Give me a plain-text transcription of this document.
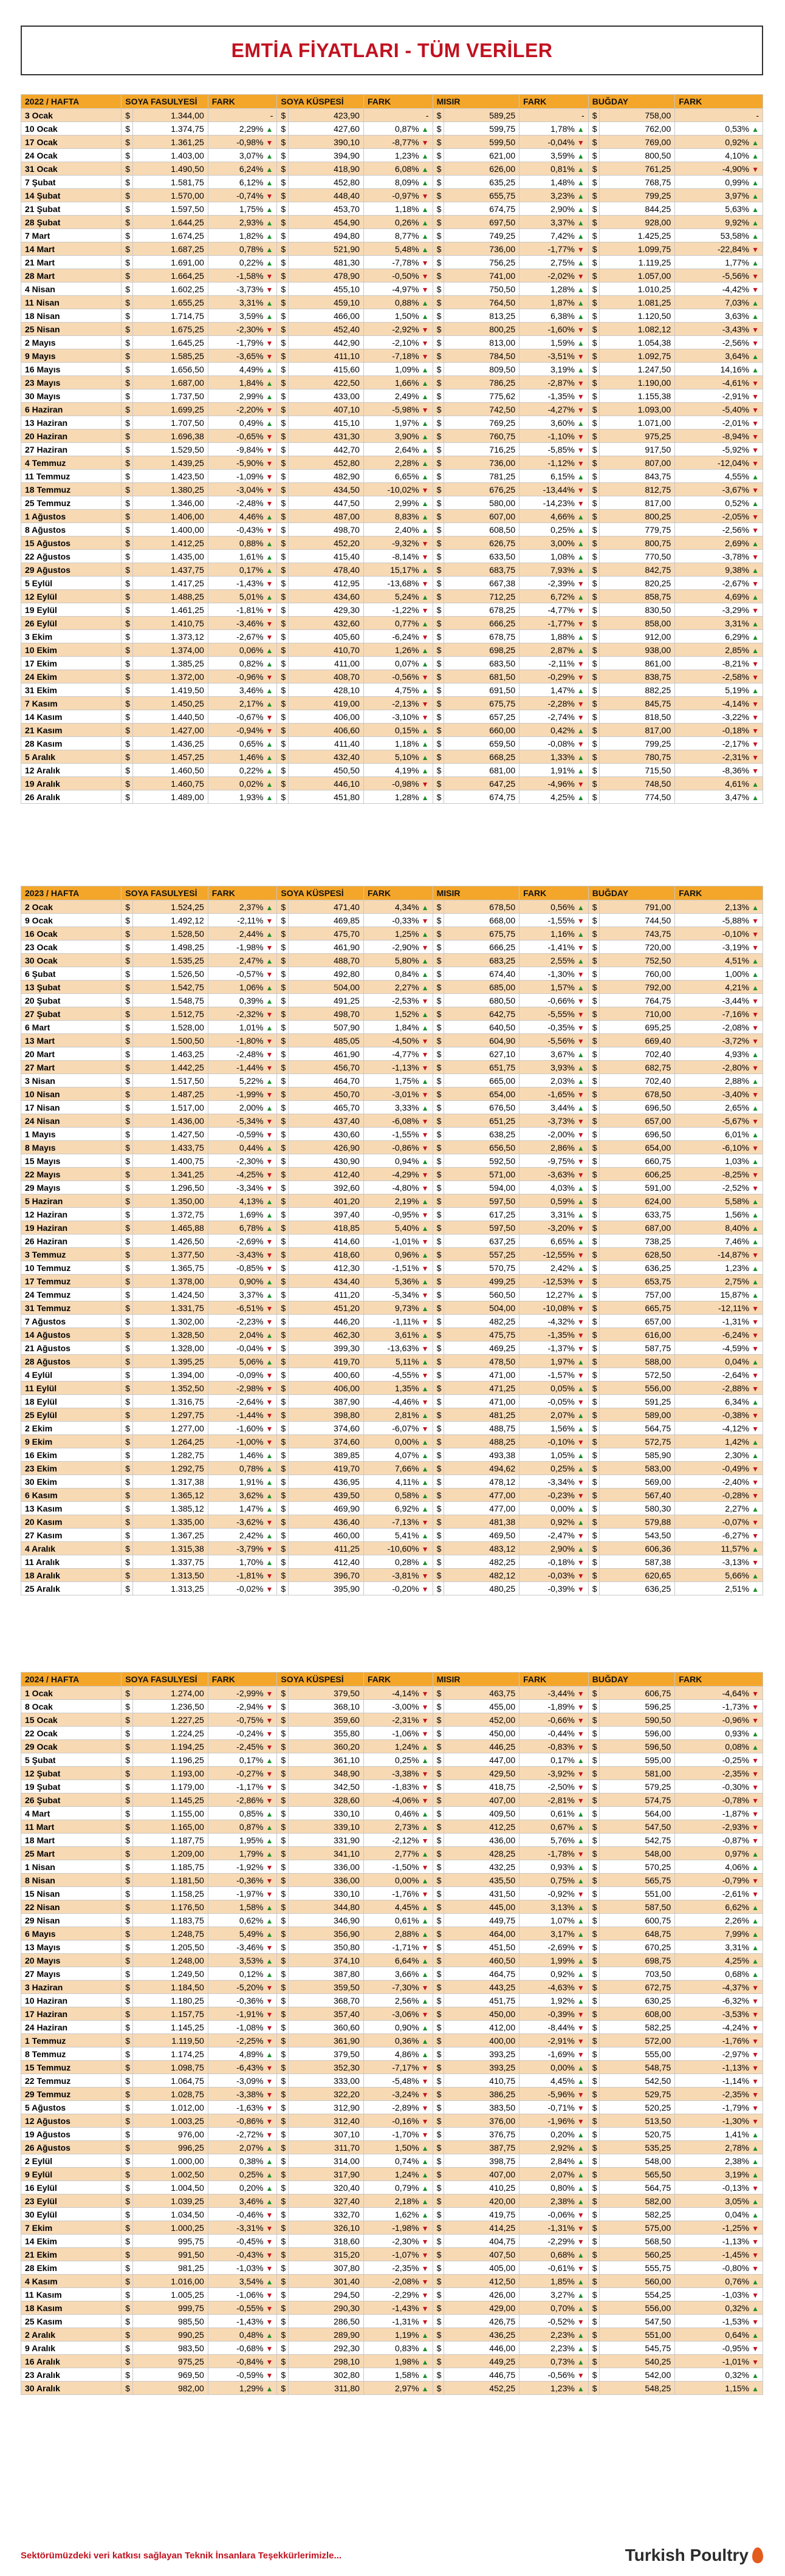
EMTİA FİYATLARI - TÜM VERİLER
2022 / HAFTA	SOYA FASULYESİ		FARK	SOYA KÜSPESİ		FARK	MISIR		FARK	BUĞDAY		FARK
3 Ocak	$	1.344,00	-	$	423,90	-	$	589,25	-	$	758,00	-
10 Ocak	$	1.374,75	2,29% ▲	$	427,60	0,87% ▲	$	599,75	1,78% ▲	$	762,00	0,53% ▲
17 Ocak	$	1.361,25	-0,98% ▼	$	390,10	-8,77% ▼	$	599,50	-0,04% ▼	$	769,00	0,92% ▲
24 Ocak	$	1.403,00	3,07% ▲	$	394,90	1,23% ▲	$	621,00	3,59% ▲	$	800,50	4,10% ▲
31 Ocak	$	1.490,50	6,24% ▲	$	418,90	6,08% ▲	$	626,00	0,81% ▲	$	761,25	-4,90% ▼
7 Şubat	$	1.581,75	6,12% ▲	$	452,80	8,09% ▲	$	635,25	1,48% ▲	$	768,75	0,99% ▲
14 Şubat	$	1.570,00	-0,74% ▼	$	448,40	-0,97% ▼	$	655,75	3,23% ▲	$	799,25	3,97% ▲
21 Şubat	$	1.597,50	1,75% ▲	$	453,70	1,18% ▲	$	674,75	2,90% ▲	$	844,25	5,63% ▲
28 Şubat	$	1.644,25	2,93% ▲	$	454,90	0,26% ▲	$	697,50	3,37% ▲	$	928,00	9,92% ▲
7 Mart	$	1.674,25	1,82% ▲	$	494,80	8,77% ▲	$	749,25	7,42% ▲	$	1.425,25	53,58% ▲
14 Mart	$	1.687,25	0,78% ▲	$	521,90	5,48% ▲	$	736,00	-1,77% ▼	$	1.099,75	-22,84% ▼
21 Mart	$	1.691,00	0,22% ▲	$	481,30	-7,78% ▼	$	756,25	2,75% ▲	$	1.119,25	1,77% ▲
28 Mart	$	1.664,25	-1,58% ▼	$	478,90	-0,50% ▼	$	741,00	-2,02% ▼	$	1.057,00	-5,56% ▼
4 Nisan	$	1.602,25	-3,73% ▼	$	455,10	-4,97% ▼	$	750,50	1,28% ▲	$	1.010,25	-4,42% ▼
11 Nisan	$	1.655,25	3,31% ▲	$	459,10	0,88% ▲	$	764,50	1,87% ▲	$	1.081,25	7,03% ▲
18 Nisan	$	1.714,75	3,59% ▲	$	466,00	1,50% ▲	$	813,25	6,38% ▲	$	1.120,50	3,63% ▲
25 Nisan	$	1.675,25	-2,30% ▼	$	452,40	-2,92% ▼	$	800,25	-1,60% ▼	$	1.082,12	-3,43% ▼
2 Mayıs	$	1.645,25	-1,79% ▼	$	442,90	-2,10% ▼	$	813,00	1,59% ▲	$	1.054,38	-2,56% ▼
9 Mayıs	$	1.585,25	-3,65% ▼	$	411,10	-7,18% ▼	$	784,50	-3,51% ▼	$	1.092,75	3,64% ▲
16 Mayıs	$	1.656,50	4,49% ▲	$	415,60	1,09% ▲	$	809,50	3,19% ▲	$	1.247,50	14,16% ▲
23 Mayıs	$	1.687,00	1,84% ▲	$	422,50	1,66% ▲	$	786,25	-2,87% ▼	$	1.190,00	-4,61% ▼
30 Mayıs	$	1.737,50	2,99% ▲	$	433,00	2,49% ▲	$	775,62	-1,35% ▼	$	1.155,38	-2,91% ▼
6 Haziran	$	1.699,25	-2,20% ▼	$	407,10	-5,98% ▼	$	742,50	-4,27% ▼	$	1.093,00	-5,40% ▼
13 Haziran	$	1.707,50	0,49% ▲	$	415,10	1,97% ▲	$	769,25	3,60% ▲	$	1.071,00	-2,01% ▼
20 Haziran	$	1.696,38	-0,65% ▼	$	431,30	3,90% ▲	$	760,75	-1,10% ▼	$	975,25	-8,94% ▼
27 Haziran	$	1.529,50	-9,84% ▼	$	442,70	2,64% ▲	$	716,25	-5,85% ▼	$	917,50	-5,92% ▼
4 Temmuz	$	1.439,25	-5,90% ▼	$	452,80	2,28% ▲	$	736,00	-1,12% ▼	$	807,00	-12,04% ▼
11 Temmuz	$	1.423,50	-1,09% ▼	$	482,90	6,65% ▲	$	781,25	6,15% ▲	$	843,75	4,55% ▲
18 Temmuz	$	1.380,25	-3,04% ▼	$	434,50	-10,02% ▼	$	676,25	-13,44% ▼	$	812,75	-3,67% ▼
25 Temmuz	$	1.346,00	-2,48% ▼	$	447,50	2,99% ▲	$	580,00	-14,23% ▼	$	817,00	0,52% ▲
1 Ağustos	$	1.406,00	4,46% ▲	$	487,00	8,83% ▲	$	607,00	4,66% ▲	$	800,25	-2,05% ▼
8 Ağustos	$	1.400,00	-0,43% ▼	$	498,70	2,40% ▲	$	608,50	0,25% ▲	$	779,75	-2,56% ▼
15 Ağustos	$	1.412,25	0,88% ▲	$	452,20	-9,32% ▼	$	626,75	3,00% ▲	$	800,75	2,69% ▲
22 Ağustos	$	1.435,00	1,61% ▲	$	415,40	-8,14% ▼	$	633,50	1,08% ▲	$	770,50	-3,78% ▼
29 Ağustos	$	1.437,75	0,17% ▲	$	478,40	15,17% ▲	$	683,75	7,93% ▲	$	842,75	9,38% ▲
5 Eylül	$	1.417,25	-1,43% ▼	$	412,95	-13,68% ▼	$	667,38	-2,39% ▼	$	820,25	-2,67% ▼
12 Eylül	$	1.488,25	5,01% ▲	$	434,60	5,24% ▲	$	712,25	6,72% ▲	$	858,75	4,69% ▲
19 Eylül	$	1.461,25	-1,81% ▼	$	429,30	-1,22% ▼	$	678,25	-4,77% ▼	$	830,50	-3,29% ▼
26 Eylül	$	1.410,75	-3,46% ▼	$	432,60	0,77% ▲	$	666,25	-1,77% ▼	$	858,00	3,31% ▲
3 Ekim	$	1.373,12	-2,67% ▼	$	405,60	-6,24% ▼	$	678,75	1,88% ▲	$	912,00	6,29% ▲
10 Ekim	$	1.374,00	0,06% ▲	$	410,70	1,26% ▲	$	698,25	2,87% ▲	$	938,00	2,85% ▲
17 Ekim	$	1.385,25	0,82% ▲	$	411,00	0,07% ▲	$	683,50	-2,11% ▼	$	861,00	-8,21% ▼
24 Ekim	$	1.372,00	-0,96% ▼	$	408,70	-0,56% ▼	$	681,50	-0,29% ▼	$	838,75	-2,58% ▼
31 Ekim	$	1.419,50	3,46% ▲	$	428,10	4,75% ▲	$	691,50	1,47% ▲	$	882,25	5,19% ▲
7 Kasım	$	1.450,25	2,17% ▲	$	419,00	-2,13% ▼	$	675,75	-2,28% ▼	$	845,75	-4,14% ▼
14 Kasım	$	1.440,50	-0,67% ▼	$	406,00	-3,10% ▼	$	657,25	-2,74% ▼	$	818,50	-3,22% ▼
21 Kasım	$	1.427,00	-0,94% ▼	$	406,60	0,15% ▲	$	660,00	0,42% ▲	$	817,00	-0,18% ▼
28 Kasım	$	1.436,25	0,65% ▲	$	411,40	1,18% ▲	$	659,50	-0,08% ▼	$	799,25	-2,17% ▼
5 Aralık	$	1.457,25	1,46% ▲	$	432,40	5,10% ▲	$	668,25	1,33% ▲	$	780,75	-2,31% ▼
12 Aralık	$	1.460,50	0,22% ▲	$	450,50	4,19% ▲	$	681,00	1,91% ▲	$	715,50	-8,36% ▼
19 Aralık	$	1.460,75	0,02% ▲	$	446,10	-0,98% ▼	$	647,25	-4,96% ▼	$	748,50	4,61% ▲
26 Aralık	$	1.489,00	1,93% ▲	$	451,80	1,28% ▲	$	674,75	4,25% ▲	$	774,50	3,47% ▲
2023 / HAFTA	SOYA FASULYESİ		FARK	SOYA KÜSPESİ		FARK	MISIR		FARK	BUĞDAY		FARK
2 Ocak	$	1.524,25	2,37% ▲	$	471,40	4,34% ▲	$	678,50	0,56% ▲	$	791,00	2,13% ▲
9 Ocak	$	1.492,12	-2,11% ▼	$	469,85	-0,33% ▼	$	668,00	-1,55% ▼	$	744,50	-5,88% ▼
16 Ocak	$	1.528,50	2,44% ▲	$	475,70	1,25% ▲	$	675,75	1,16% ▲	$	743,75	-0,10% ▼
23 Ocak	$	1.498,25	-1,98% ▼	$	461,90	-2,90% ▼	$	666,25	-1,41% ▼	$	720,00	-3,19% ▼
30 Ocak	$	1.535,25	2,47% ▲	$	488,70	5,80% ▲	$	683,25	2,55% ▲	$	752,50	4,51% ▲
6 Şubat	$	1.526,50	-0,57% ▼	$	492,80	0,84% ▲	$	674,40	-1,30% ▼	$	760,00	1,00% ▲
13 Şubat	$	1.542,75	1,06% ▲	$	504,00	2,27% ▲	$	685,00	1,57% ▲	$	792,00	4,21% ▲
20 Şubat	$	1.548,75	0,39% ▲	$	491,25	-2,53% ▼	$	680,50	-0,66% ▼	$	764,75	-3,44% ▼
27 Şubat	$	1.512,75	-2,32% ▼	$	498,70	1,52% ▲	$	642,75	-5,55% ▼	$	710,00	-7,16% ▼
6 Mart	$	1.528,00	1,01% ▲	$	507,90	1,84% ▲	$	640,50	-0,35% ▼	$	695,25	-2,08% ▼
13 Mart	$	1.500,50	-1,80% ▼	$	485,05	-4,50% ▼	$	604,90	-5,56% ▼	$	669,40	-3,72% ▼
20 Mart	$	1.463,25	-2,48% ▼	$	461,90	-4,77% ▼	$	627,10	3,67% ▲	$	702,40	4,93% ▲
27 Mart	$	1.442,25	-1,44% ▼	$	456,70	-1,13% ▼	$	651,75	3,93% ▲	$	682,75	-2,80% ▼
3 Nisan	$	1.517,50	5,22% ▲	$	464,70	1,75% ▲	$	665,00	2,03% ▲	$	702,40	2,88% ▲
10 Nisan	$	1.487,25	-1,99% ▼	$	450,70	-3,01% ▼	$	654,00	-1,65% ▼	$	678,50	-3,40% ▼
17 Nisan	$	1.517,00	2,00% ▲	$	465,70	3,33% ▲	$	676,50	3,44% ▲	$	696,50	2,65% ▲
24 Nisan	$	1.436,00	-5,34% ▼	$	437,40	-6,08% ▼	$	651,25	-3,73% ▼	$	657,00	-5,67% ▼
1 Mayıs	$	1.427,50	-0,59% ▼	$	430,60	-1,55% ▼	$	638,25	-2,00% ▼	$	696,50	6,01% ▲
8 Mayıs	$	1.433,75	0,44% ▲	$	426,90	-0,86% ▼	$	656,50	2,86% ▲	$	654,00	-6,10% ▼
15 Mayıs	$	1.400,75	-2,30% ▼	$	430,90	0,94% ▲	$	592,50	-9,75% ▼	$	660,75	1,03% ▲
22 Mayıs	$	1.341,25	-4,25% ▼	$	412,40	-4,29% ▼	$	571,00	-3,63% ▼	$	606,25	-8,25% ▼
29 Mayıs	$	1.296,50	-3,34% ▼	$	392,60	-4,80% ▼	$	594,00	4,03% ▲	$	591,00	-2,52% ▼
5 Haziran	$	1.350,00	4,13% ▲	$	401,20	2,19% ▲	$	597,50	0,59% ▲	$	624,00	5,58% ▲
12 Haziran	$	1.372,75	1,69% ▲	$	397,40	-0,95% ▼	$	617,25	3,31% ▲	$	633,75	1,56% ▲
19 Haziran	$	1.465,88	6,78% ▲	$	418,85	5,40% ▲	$	597,50	-3,20% ▼	$	687,00	8,40% ▲
26 Haziran	$	1.426,50	-2,69% ▼	$	414,60	-1,01% ▼	$	637,25	6,65% ▲	$	738,25	7,46% ▲
3 Temmuz	$	1.377,50	-3,43% ▼	$	418,60	0,96% ▲	$	557,25	-12,55% ▼	$	628,50	-14,87% ▼
10 Temmuz	$	1.365,75	-0,85% ▼	$	412,30	-1,51% ▼	$	570,75	2,42% ▲	$	636,25	1,23% ▲
17 Temmuz	$	1.378,00	0,90% ▲	$	434,40	5,36% ▲	$	499,25	-12,53% ▼	$	653,75	2,75% ▲
24 Temmuz	$	1.424,50	3,37% ▲	$	411,20	-5,34% ▼	$	560,50	12,27% ▲	$	757,00	15,87% ▲
31 Temmuz	$	1.331,75	-6,51% ▼	$	451,20	9,73% ▲	$	504,00	-10,08% ▼	$	665,75	-12,11% ▼
7 Ağustos	$	1.302,00	-2,23% ▼	$	446,20	-1,11% ▼	$	482,25	-4,32% ▼	$	657,00	-1,31% ▼
14 Ağustos	$	1.328,50	2,04% ▲	$	462,30	3,61% ▲	$	475,75	-1,35% ▼	$	616,00	-6,24% ▼
21 Ağustos	$	1.328,00	-0,04% ▼	$	399,30	-13,63% ▼	$	469,25	-1,37% ▼	$	587,75	-4,59% ▼
28 Ağustos	$	1.395,25	5,06% ▲	$	419,70	5,11% ▲	$	478,50	1,97% ▲	$	588,00	0,04% ▲
4 Eylül	$	1.394,00	-0,09% ▼	$	400,60	-4,55% ▼	$	471,00	-1,57% ▼	$	572,50	-2,64% ▼
11 Eylül	$	1.352,50	-2,98% ▼	$	406,00	1,35% ▲	$	471,25	0,05% ▲	$	556,00	-2,88% ▼
18 Eylül	$	1.316,75	-2,64% ▼	$	387,90	-4,46% ▼	$	471,00	-0,05% ▼	$	591,25	6,34% ▲
25 Eylül	$	1.297,75	-1,44% ▼	$	398,80	2,81% ▲	$	481,25	2,07% ▲	$	589,00	-0,38% ▼
2 Ekim	$	1.277,00	-1,60% ▼	$	374,60	-6,07% ▼	$	488,75	1,56% ▲	$	564,75	-4,12% ▼
9 Ekim	$	1.264,25	-1,00% ▼	$	374,60	0,00% ▲	$	488,25	-0,10% ▼	$	572,75	1,42% ▲
16 Ekim	$	1.282,75	1,46% ▲	$	389,85	4,07% ▲	$	493,38	1,05% ▲	$	585,90	2,30% ▲
23 Ekim	$	1.292,75	0,78% ▲	$	419,70	7,66% ▲	$	494,62	0,25% ▲	$	583,00	-0,49% ▼
30 Ekim	$	1.317,38	1,91% ▲	$	436,95	4,11% ▲	$	478,12	-3,34% ▼	$	569,00	-2,40% ▼
6 Kasım	$	1.365,12	3,62% ▲	$	439,50	0,58% ▲	$	477,00	-0,23% ▼	$	567,40	-0,28% ▼
13 Kasım	$	1.385,12	1,47% ▲	$	469,90	6,92% ▲	$	477,00	0,00% ▲	$	580,30	2,27% ▲
20 Kasım	$	1.335,00	-3,62% ▼	$	436,40	-7,13% ▼	$	481,38	0,92% ▲	$	579,88	-0,07% ▼
27 Kasım	$	1.367,25	2,42% ▲	$	460,00	5,41% ▲	$	469,50	-2,47% ▼	$	543,50	-6,27% ▼
4 Aralık	$	1.315,38	-3,79% ▼	$	411,25	-10,60% ▼	$	483,12	2,90% ▲	$	606,36	11,57% ▲
11 Aralık	$	1.337,75	1,70% ▲	$	412,40	0,28% ▲	$	482,25	-0,18% ▼	$	587,38	-3,13% ▼
18 Aralık	$	1.313,50	-1,81% ▼	$	396,70	-3,81% ▼	$	482,12	-0,03% ▼	$	620,65	5,66% ▲
25 Aralık	$	1.313,25	-0,02% ▼	$	395,90	-0,20% ▼	$	480,25	-0,39% ▼	$	636,25	2,51% ▲
2024 / HAFTA	SOYA FASULYESİ		FARK	SOYA KÜSPESİ		FARK	MISIR		FARK	BUĞDAY		FARK
1 Ocak	$	1.274,00	-2,99% ▼	$	379,50	-4,14% ▼	$	463,75	-3,44% ▼	$	606,75	-4,64% ▼
8 Ocak	$	1.236,50	-2,94% ▼	$	368,10	-3,00% ▼	$	455,00	-1,89% ▼	$	596,25	-1,73% ▼
15 Ocak	$	1.227,25	-0,75% ▼	$	359,60	-2,31% ▼	$	452,00	-0,66% ▼	$	590,50	-0,96% ▼
22 Ocak	$	1.224,25	-0,24% ▼	$	355,80	-1,06% ▼	$	450,00	-0,44% ▼	$	596,00	0,93% ▲
29 Ocak	$	1.194,25	-2,45% ▼	$	360,20	1,24% ▲	$	446,25	-0,83% ▼	$	596,50	0,08% ▲
5 Şubat	$	1.196,25	0,17% ▲	$	361,10	0,25% ▲	$	447,00	0,17% ▲	$	595,00	-0,25% ▼
12 Şubat	$	1.193,00	-0,27% ▼	$	348,90	-3,38% ▼	$	429,50	-3,92% ▼	$	581,00	-2,35% ▼
19 Şubat	$	1.179,00	-1,17% ▼	$	342,50	-1,83% ▼	$	418,75	-2,50% ▼	$	579,25	-0,30% ▼
26 Şubat	$	1.145,25	-2,86% ▼	$	328,60	-4,06% ▼	$	407,00	-2,81% ▼	$	574,75	-0,78% ▼
4 Mart	$	1.155,00	0,85% ▲	$	330,10	0,46% ▲	$	409,50	0,61% ▲	$	564,00	-1,87% ▼
11 Mart	$	1.165,00	0,87% ▲	$	339,10	2,73% ▲	$	412,25	0,67% ▲	$	547,50	-2,93% ▼
18 Mart	$	1.187,75	1,95% ▲	$	331,90	-2,12% ▼	$	436,00	5,76% ▲	$	542,75	-0,87% ▼
25 Mart	$	1.209,00	1,79% ▲	$	341,10	2,77% ▲	$	428,25	-1,78% ▼	$	548,00	0,97% ▲
1 Nisan	$	1.185,75	-1,92% ▼	$	336,00	-1,50% ▼	$	432,25	0,93% ▲	$	570,25	4,06% ▲
8 Nisan	$	1.181,50	-0,36% ▼	$	336,00	0,00% ▲	$	435,50	0,75% ▲	$	565,75	-0,79% ▼
15 Nisan	$	1.158,25	-1,97% ▼	$	330,10	-1,76% ▼	$	431,50	-0,92% ▼	$	551,00	-2,61% ▼
22 Nisan	$	1.176,50	1,58% ▲	$	344,80	4,45% ▲	$	445,00	3,13% ▲	$	587,50	6,62% ▲
29 Nisan	$	1.183,75	0,62% ▲	$	346,90	0,61% ▲	$	449,75	1,07% ▲	$	600,75	2,26% ▲
6 Mayıs	$	1.248,75	5,49% ▲	$	356,90	2,88% ▲	$	464,00	3,17% ▲	$	648,75	7,99% ▲
13 Mayıs	$	1.205,50	-3,46% ▼	$	350,80	-1,71% ▼	$	451,50	-2,69% ▼	$	670,25	3,31% ▲
20 Mayıs	$	1.248,00	3,53% ▲	$	374,10	6,64% ▲	$	460,50	1,99% ▲	$	698,75	4,25% ▲
27 Mayıs	$	1.249,50	0,12% ▲	$	387,80	3,66% ▲	$	464,75	0,92% ▲	$	703,50	0,68% ▲
3 Haziran	$	1.184,50	-5,20% ▼	$	359,50	-7,30% ▼	$	443,25	-4,63% ▼	$	672,75	-4,37% ▼
10 Haziran	$	1.180,25	-0,36% ▼	$	368,70	2,56% ▲	$	451,75	1,92% ▲	$	630,25	-6,32% ▼
17 Haziran	$	1.157,75	-1,91% ▼	$	357,40	-3,06% ▼	$	450,00	-0,39% ▼	$	608,00	-3,53% ▼
24 Haziran	$	1.145,25	-1,08% ▼	$	360,60	0,90% ▲	$	412,00	-8,44% ▼	$	582,25	-4,24% ▼
1 Temmuz	$	1.119,50	-2,25% ▼	$	361,90	0,36% ▲	$	400,00	-2,91% ▼	$	572,00	-1,76% ▼
8 Temmuz	$	1.174,25	4,89% ▲	$	379,50	4,86% ▲	$	393,25	-1,69% ▼	$	555,00	-2,97% ▼
15 Temmuz	$	1.098,75	-6,43% ▼	$	352,30	-7,17% ▼	$	393,25	0,00% ▲	$	548,75	-1,13% ▼
22 Temmuz	$	1.064,75	-3,09% ▼	$	333,00	-5,48% ▼	$	410,75	4,45% ▲	$	542,50	-1,14% ▼
29 Temmuz	$	1.028,75	-3,38% ▼	$	322,20	-3,24% ▼	$	386,25	-5,96% ▼	$	529,75	-2,35% ▼
5 Ağustos	$	1.012,00	-1,63% ▼	$	312,90	-2,89% ▼	$	383,50	-0,71% ▼	$	520,25	-1,79% ▼
12 Ağustos	$	1.003,25	-0,86% ▼	$	312,40	-0,16% ▼	$	376,00	-1,96% ▼	$	513,50	-1,30% ▼
19 Ağustos	$	976,00	-2,72% ▼	$	307,10	-1,70% ▼	$	376,75	0,20% ▲	$	520,75	1,41% ▲
26 Ağustos	$	996,25	2,07% ▲	$	311,70	1,50% ▲	$	387,75	2,92% ▲	$	535,25	2,78% ▲
2 Eylül	$	1.000,00	0,38% ▲	$	314,00	0,74% ▲	$	398,75	2,84% ▲	$	548,00	2,38% ▲
9 Eylül	$	1.002,50	0,25% ▲	$	317,90	1,24% ▲	$	407,00	2,07% ▲	$	565,50	3,19% ▲
16 Eylül	$	1.004,50	0,20% ▲	$	320,40	0,79% ▲	$	410,25	0,80% ▲	$	564,75	-0,13% ▼
23 Eylül	$	1.039,25	3,46% ▲	$	327,40	2,18% ▲	$	420,00	2,38% ▲	$	582,00	3,05% ▲
30 Eylül	$	1.034,50	-0,46% ▼	$	332,70	1,62% ▲	$	419,75	-0,06% ▼	$	582,25	0,04% ▲
7 Ekim	$	1.000,25	-3,31% ▼	$	326,10	-1,98% ▼	$	414,25	-1,31% ▼	$	575,00	-1,25% ▼
14 Ekim	$	995,75	-0,45% ▼	$	318,60	-2,30% ▼	$	404,75	-2,29% ▼	$	568,50	-1,13% ▼
21 Ekim	$	991,50	-0,43% ▼	$	315,20	-1,07% ▼	$	407,50	0,68% ▲	$	560,25	-1,45% ▼
28 Ekim	$	981,25	-1,03% ▼	$	307,80	-2,35% ▼	$	405,00	-0,61% ▼	$	555,75	-0,80% ▼
4 Kasım	$	1.016,00	3,54% ▲	$	301,40	-2,08% ▼	$	412,50	1,85% ▲	$	560,00	0,76% ▲
11 Kasım	$	1.005,25	-1,06% ▼	$	294,50	-2,29% ▼	$	426,00	3,27% ▲	$	554,25	-1,03% ▼
18 Kasım	$	999,75	-0,55% ▼	$	290,30	-1,43% ▼	$	429,00	0,70% ▲	$	556,00	0,32% ▲
25 Kasım	$	985,50	-1,43% ▼	$	286,50	-1,31% ▼	$	426,75	-0,52% ▼	$	547,50	-1,53% ▼
2 Aralık	$	990,25	0,48% ▲	$	289,90	1,19% ▲	$	436,25	2,23% ▲	$	551,00	0,64% ▲
9 Aralık	$	983,50	-0,68% ▼	$	292,30	0,83% ▲	$	446,00	2,23% ▲	$	545,75	-0,95% ▼
16 Aralık	$	975,25	-0,84% ▼	$	298,10	1,98% ▲	$	449,25	0,73% ▲	$	540,25	-1,01% ▼
23 Aralık	$	969,50	-0,59% ▼	$	302,80	1,58% ▲	$	446,75	-0,56% ▼	$	542,00	0,32% ▲
30 Aralık	$	982,00	1,29% ▲	$	311,80	2,97% ▲	$	452,25	1,23% ▲	$	548,25	1,15% ▲
Sektörümüzdeki veri katkısı sağlayan Teknik İnsanlara Teşekkürlerimizle...	Turkish Poultry
